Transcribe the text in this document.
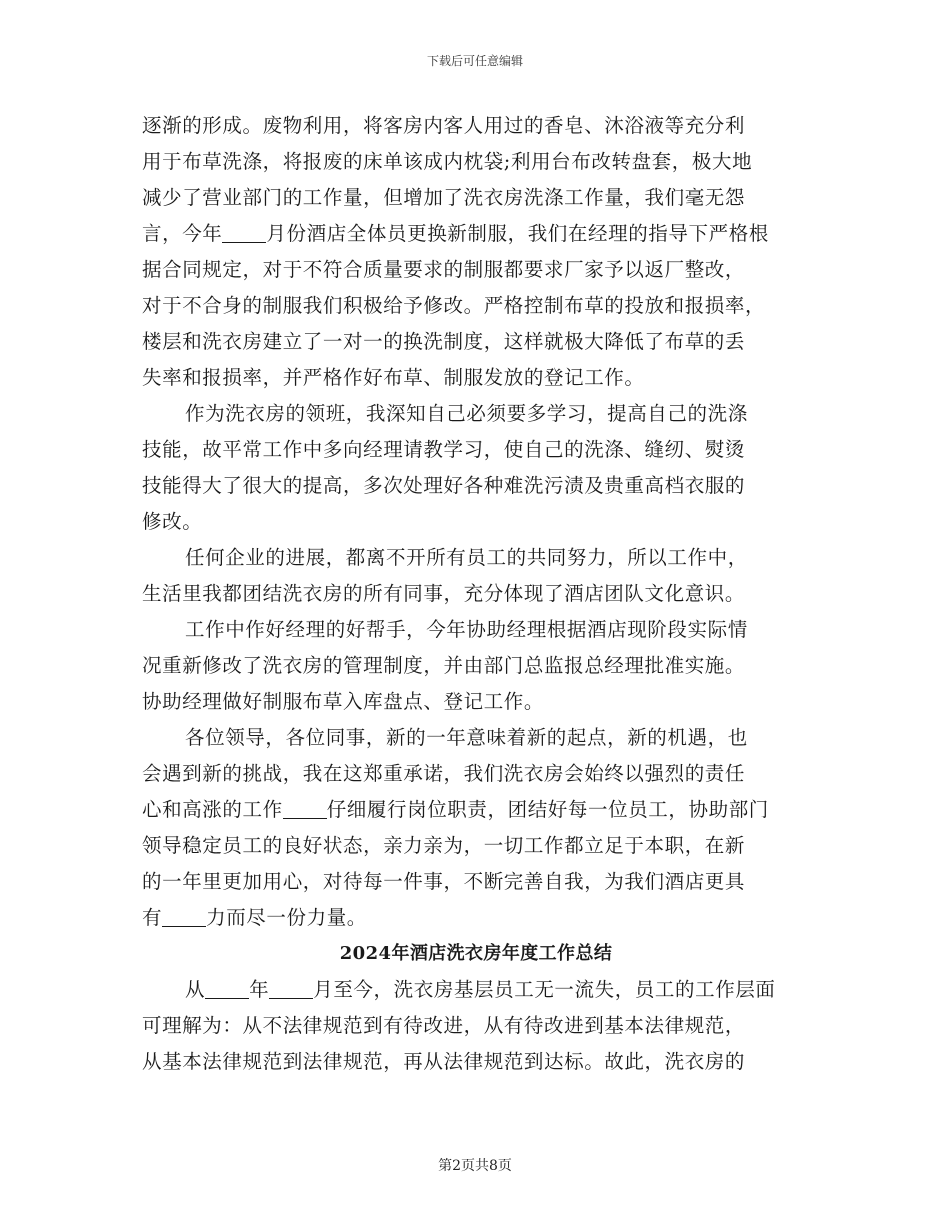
下载后可任意编辑
逐渐的形成。废物利用，将客房内客人用过的香皂、沐浴液等充分利
用于布草洗涤，将报废的床单该成内枕袋;利用台布改转盘套，极大地
减少了营业部门的工作量，但增加了洗衣房洗涤工作量，我们毫无怨
言，今年 月份酒店全体员更换新制服，我们在经理的指导下严格根
据合同规定，对于不符合质量要求的制服都要求厂家予以返厂整改，
对于不合身的制服我们积极给予修改。严格控制布草的投放和报损率，
楼层和洗衣房建立了一对一的换洗制度，这样就极大降低了布草的丢
失率和报损率，并严格作好布草、制服发放的登记工作。
作为洗衣房的领班，我深知自己必须要多学习，提高自己的洗涤
技能，故平常工作中多向经理请教学习，使自己的洗涤、缝纫、熨烫
技能得大了很大的提高，多次处理好各种难洗污渍及贵重高档衣服的
修改。
任何企业的进展，都离不开所有员工的共同努力，所以工作中，
生活里我都团结洗衣房的所有同事，充分体现了酒店团队文化意识。
工作中作好经理的好帮手，今年协助经理根据酒店现阶段实际情
况重新修改了洗衣房的管理制度，并由部门总监报总经理批准实施。
协助经理做好制服布草入库盘点、登记工作。
各位领导，各位同事，新的一年意味着新的起点，新的机遇，也
会遇到新的挑战，我在这郑重承诺，我们洗衣房会始终以强烈的责任
心和高涨的工作 仔细履行岗位职责，团结好每一位员工，协助部门
领导稳定员工的良好状态，亲力亲为，一切工作都立足于本职，在新
的一年里更加用心，对待每一件事，不断完善自我，为我们酒店更具
有 力而尽一份力量。
2024年酒店洗衣房年度工作总结
从 年 月至今，洗衣房基层员工无一流失，员工的工作层面
可理解为：从不法律规范到有待改进，从有待改进到基本法律规范，
从基本法律规范到法律规范，再从法律规范到达标。故此，洗衣房的
第2页共8页
